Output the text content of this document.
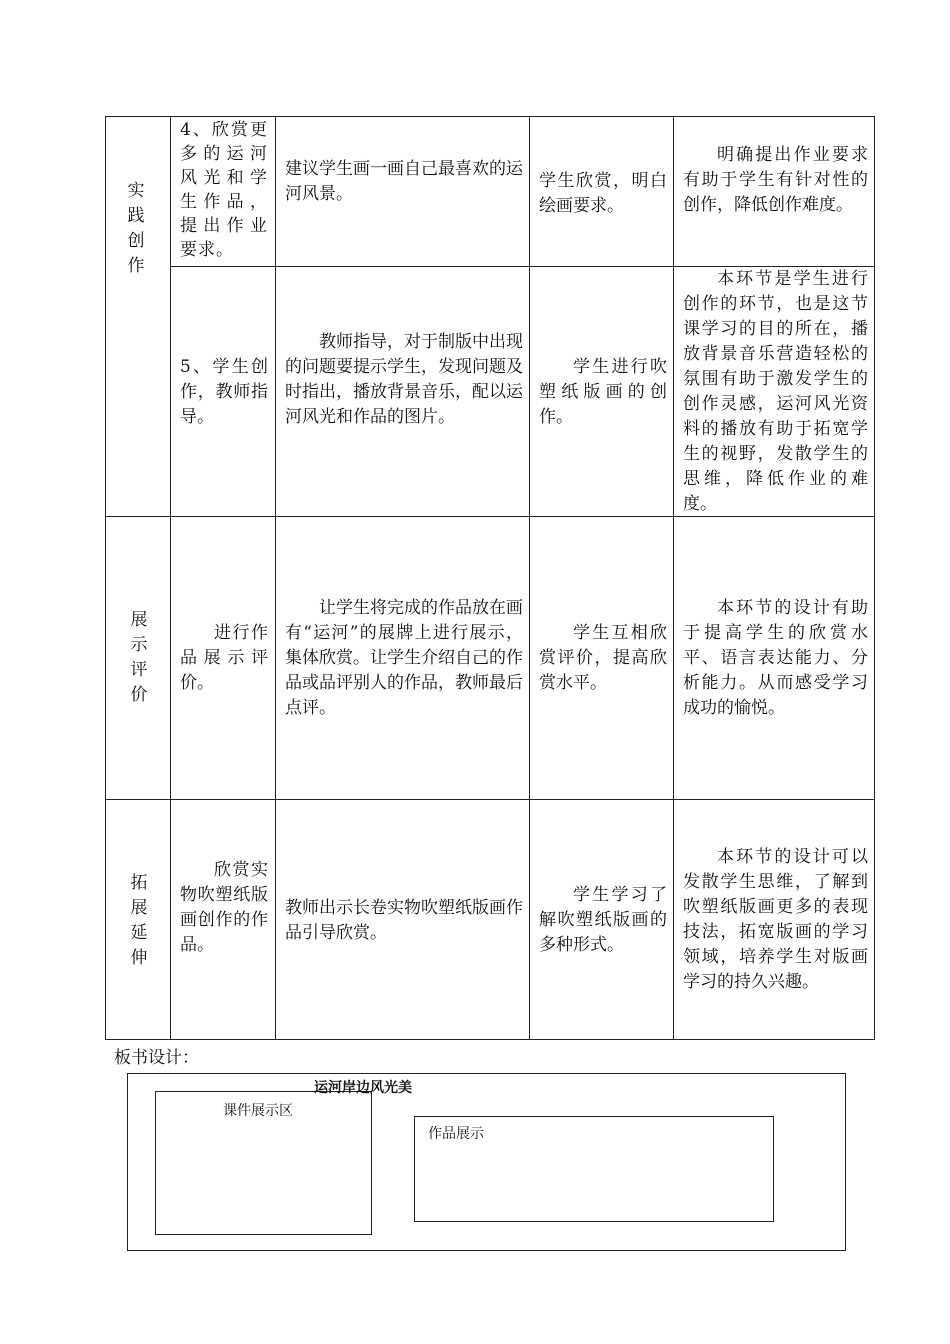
实践创作
4、欣赏更多的运河风光和学生作品，提出作业要求。
建议学生画一画自己最喜欢的运河风景。
学生欣赏，明白绘画要求。
明确提出作业要求有助于学生有针对性的创作，降低创作难度。
5、学生创作，教师指导。
教师指导，对于制版中出现的问题要提示学生，发现问题及时指出，播放背景音乐，配以运河风光和作品的图片。
学生进行吹塑纸版画的创作。
本环节是学生进行创作的环节，也是这节课学习的目的所在，播放背景音乐营造轻松的氛围有助于激发学生的创作灵感，运河风光资料的播放有助于拓宽学生的视野，发散学生的思维，降低作业的难度。
展示评价
进行作品展示评价。
让学生将完成的作品放在画有“运河”的展牌上进行展示，集体欣赏。让学生介绍自己的作品或品评别人的作品，教师最后点评。
学生互相欣赏评价，提高欣赏水平。
本环节的设计有助于提高学生的欣赏水平、语言表达能力、分析能力。从而感受学习成功的愉悦。
拓展延伸
欣赏实物吹塑纸版画创作的作品。
教师出示长卷实物吹塑纸版画作品引导欣赏。
学生学习了解吹塑纸版画的多种形式。
本环节的设计可以发散学生思维，了解到吹塑纸版画更多的表现技法，拓宽版画的学习领域，培养学生对版画学习的持久兴趣。
板书设计：
运河岸边风光美
课件展示区
作品展示
